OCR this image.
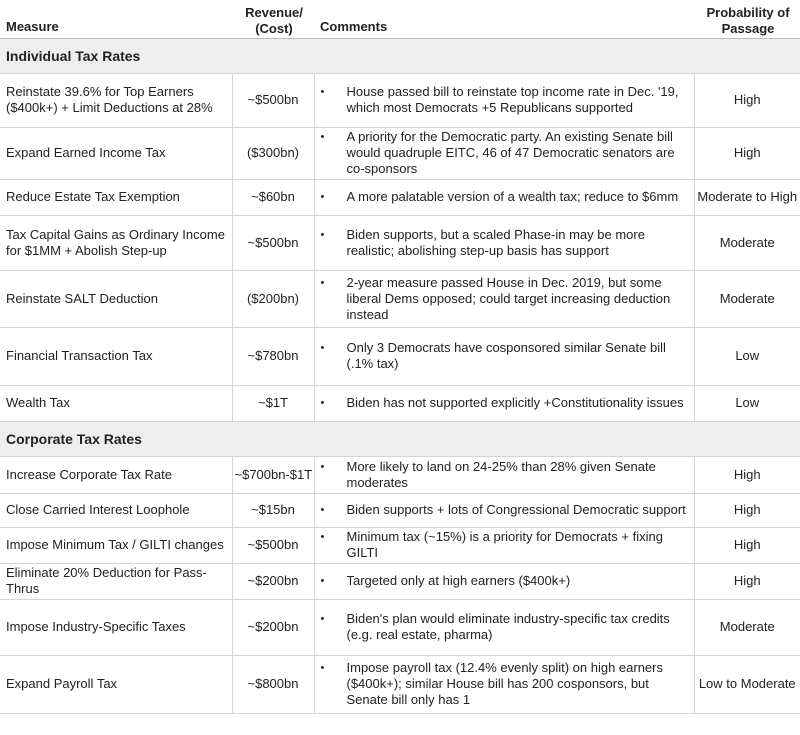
Measure	Revenue/
(Cost)	Comments	Probability of
Passage
Individual Tax Rates			
Reinstate 39.6% for Top Earners ($400k+) + Limit Deductions at 28%	~$500bn	• House passed bill to reinstate top income rate in Dec. '19, which most Democrats +5 Republicans supported	High
Expand Earned Income Tax	($300bn)	• A priority for the Democratic party. An existing Senate bill would quadruple EITC, 46 of 47 Democratic senators are co-sponsors	High
Reduce Estate Tax Exemption	~$60bn	• A more palatable version of a wealth tax; reduce to $6mm	Moderate to High
Tax Capital Gains as Ordinary Income for $1MM + Abolish Step-up	~$500bn	• Biden supports, but a scaled Phase-in may be more realistic; abolishing step-up basis has support	Moderate
Reinstate SALT Deduction	($200bn)	• 2-year measure passed House in Dec. 2019, but some liberal Dems opposed; could target increasing deduction instead	Moderate
Financial Transaction Tax	~$780bn	• Only 3 Democrats have cosponsored similar Senate bill (.1% tax)	Low
Wealth Tax	~$1T	• Biden has not supported explicitly +Constitutionality issues	Low
Corporate Tax Rates			
Increase Corporate Tax Rate	~$700bn-$1T	• More likely to land on 24-25% than 28% given Senate moderates	High
Close Carried Interest Loophole	~$15bn	• Biden supports + lots of Congressional Democratic support	High
Impose Minimum Tax / GILTI changes	~$500bn	• Minimum tax (~15%) is a priority for Democrats + fixing GILTI	High
Eliminate 20% Deduction for Pass-Thrus	~$200bn	• Targeted only at high earners ($400k+)	High
Impose Industry-Specific Taxes	~$200bn	• Biden's plan would eliminate industry-specific tax credits (e.g. real estate, pharma)	Moderate
Expand Payroll Tax	~$800bn	• Impose payroll tax (12.4% evenly split) on high earners ($400k+); similar House bill has 200 cosponsors, but Senate bill only has 1	Low to Moderate
